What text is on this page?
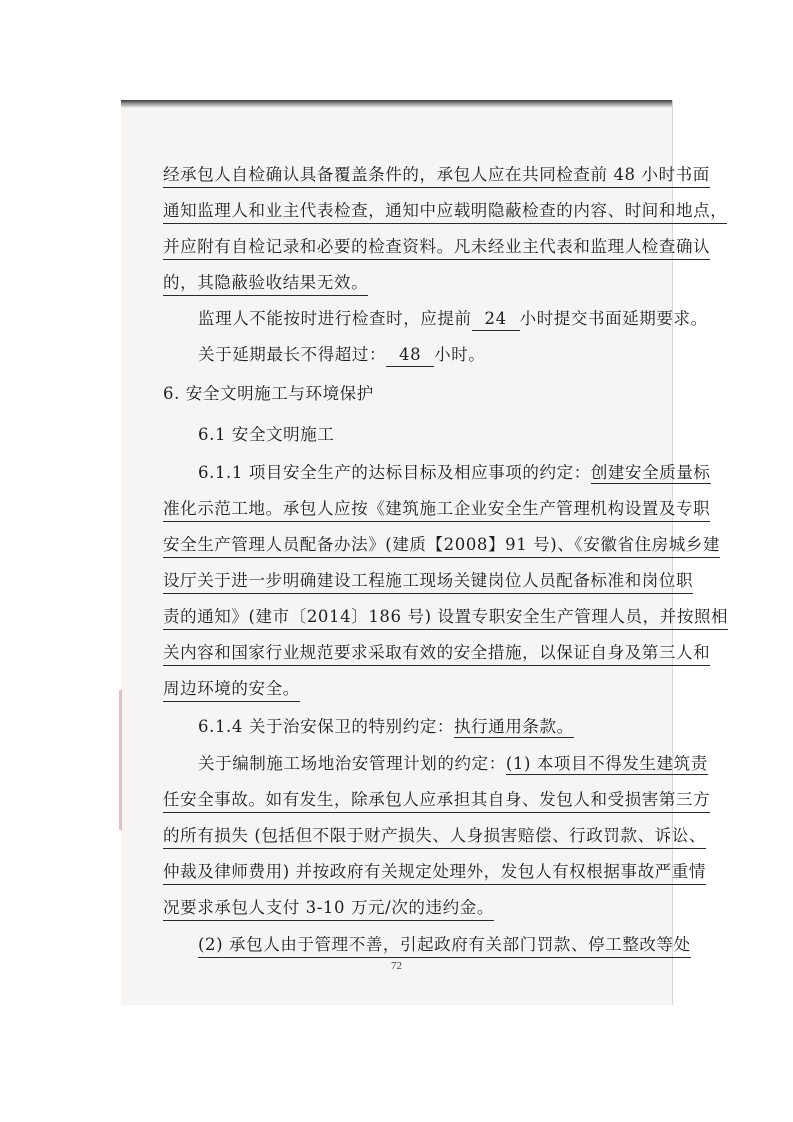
经承包人自检确认具备覆盖条件的，承包人应在共同检查前 48 小时书面
通知监理人和业主代表检查，通知中应载明隐蔽检查的内容、时间和地点，
并应附有自检记录和必要的检查资料。凡未经业主代表和监理人检查确认
的，其隐蔽验收结果无效。
监理人不能按时进行检查时，应提前 24 小时提交书面延期要求。
关于延期最长不得超过： 48 小时。
6. 安全文明施工与环境保护
6.1 安全文明施工
6.1.1 项目安全生产的达标目标及相应事项的约定：创建安全质量标
准化示范工地。承包人应按《建筑施工企业安全生产管理机构设置及专职
安全生产管理人员配备办法》(建质【2008】91 号)、《安徽省住房城乡建
设厅关于进一步明确建设工程施工现场关键岗位人员配备标准和岗位职
责的通知》(建市〔2014〕186 号) 设置专职安全生产管理人员，并按照相
关内容和国家行业规范要求采取有效的安全措施，以保证自身及第三人和
周边环境的安全。
6.1.4 关于治安保卫的特别约定：执行通用条款。
关于编制施工场地治安管理计划的约定：(1) 本项目不得发生建筑责
任安全事故。如有发生，除承包人应承担其自身、发包人和受损害第三方
的所有损失 (包括但不限于财产损失、人身损害赔偿、行政罚款、诉讼、
仲裁及律师费用) 并按政府有关规定处理外，发包人有权根据事故严重情
况要求承包人支付 3-10 万元/次的违约金。
(2) 承包人由于管理不善，引起政府有关部门罚款、停工整改等处
72
